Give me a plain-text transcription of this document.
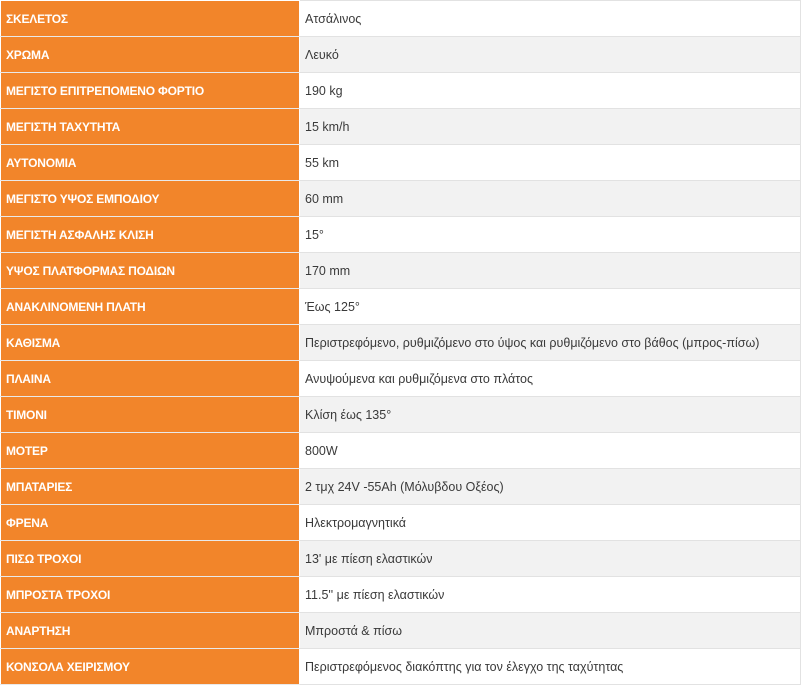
ΣΚΕΛΕΤΟΣ	Ατσάλινος
ΧΡΩΜΑ	Λευκό
ΜΕΓΙΣΤΟ ΕΠΙΤΡΕΠΟΜΕΝΟ ΦΟΡΤΙΟ	190 kg
ΜΕΓΙΣΤΗ ΤΑΧΥΤΗΤΑ	15 km/h
ΑΥΤΟΝΟΜΙΑ	55 km
ΜΕΓΙΣΤΟ ΥΨΟΣ ΕΜΠΟΔΙΟΥ	60 mm
ΜΕΓΙΣΤΗ ΑΣΦΑΛΗΣ ΚΛΙΣΗ	15°
ΥΨΟΣ ΠΛΑΤΦΟΡΜΑΣ ΠΟΔΙΩΝ	170 mm
ΑΝΑΚΛΙΝΟΜΕΝΗ ΠΛΑΤΗ	Έως 125°
ΚΑΘΙΣΜΑ	Περιστρεφόμενο, ρυθμιζόμενο στο ύψος και ρυθμιζόμενο στο βάθος (μπρος-πίσω)
ΠΛΑΙΝΑ	Ανυψούμενα και ρυθμιζόμενα στο πλάτος
ΤΙΜΟΝΙ	Κλίση έως 135°
ΜΟΤΕΡ	800W
ΜΠΑΤΑΡΙΕΣ	2 τμχ 24V -55Ah (Μόλυβδου Οξέος)
ΦΡΕΝΑ	Ηλεκτρομαγνητικά
ΠΙΣΩ ΤΡΟΧΟΙ	13' με πίεση ελαστικών
ΜΠΡΟΣΤΑ ΤΡΟΧΟΙ	11.5'' με πίεση ελαστικών
ΑΝΑΡΤΗΣΗ	Μπροστά & πίσω
ΚΟΝΣΟΛΑ ΧΕΙΡΙΣΜΟΥ	Περιστρεφόμενος διακόπτης για τον έλεγχο της ταχύτητας
